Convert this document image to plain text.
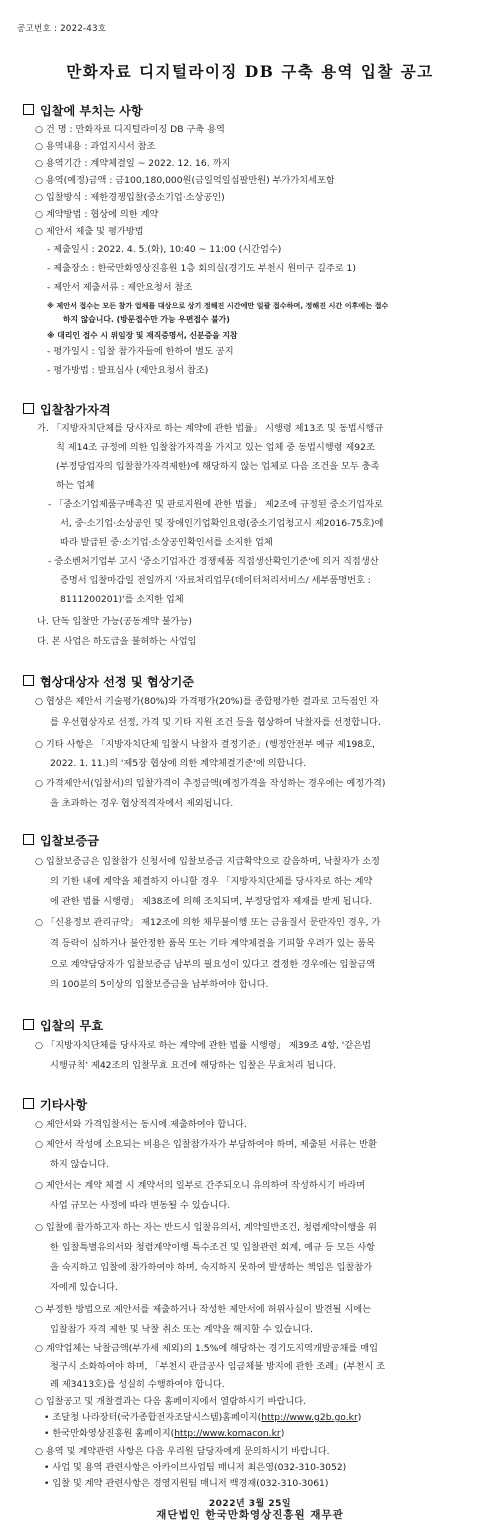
공고번호 : 2022-43호
만화자료 디지털라이징 DB 구축 용역 입찰 공고
입찰에 부치는 사항
○ 건 명 : 만화자료 디지털라이징 DB 구축 용역
○ 용역내용 : 과업지시서 참조
○ 용역기간 : 계약체결일 ~ 2022. 12. 16. 까지
○ 용역(예정)금액 : 금100,180,000원(금일억일십팔만원) 부가가치세포함
○ 입찰방식 : 제한경쟁입찰(중소기업·소상공인)
○ 계약방법 : 협상에 의한 계약
○ 제안서 제출 및 평가방법
- 제출일시 : 2022. 4. 5.(화), 10:40 ~ 11:00 (시간엄수)
- 제출장소 : 한국만화영상진흥원 1층 회의실(경기도 부천시 원미구 길주로 1)
- 제안서 제출서류 : 제안요청서 참조
※ 제안서 접수는 모든 참가 업체를 대상으로 상기 정해진 시간에만 일괄 접수하며, 정해진 시간 이후에는 접수
하지 않습니다. (방문접수만 가능 우편접수 불가)
※ 대리인 접수 시 위임장 및 재직증명서, 신분증을 지참
- 평가일시 : 입찰 참가자들에 한하여 별도 공지
- 평가방법 : 발표심사 (제안요청서 참조)
입찰참가자격
가. 「지방자치단체를 당사자로 하는 계약에 관한 법률」 시행령 제13조 및 동법시행규
칙 제14조 규정에 의한 입찰참가자격을 가지고 있는 업체 중 동법시행령 제92조
(부정당업자의 입찰참가자격제한)에 해당하지 않는 업체로 다음 조건을 모두 충족
하는 업체
- 「중소기업제품구매촉진 및 판로지원에 관한 법률」 제2조에 규정된 중소기업자로
서, 중·소기업·소상공인 및 장애인기업확인요령(중소기업청고시 제2016-75호)에
따라 발급된 중·소기업·소상공인확인서를 소지한 업체
- 중소벤처기업부 고시 '중소기업자간 경쟁제품 직접생산확인기준'에 의거 직접생산
증명서 입찰마감일 전일까지 '자료처리업무(데이터처리서비스/ 세부품명번호 :
8111200201)'를 소지한 업체
나. 단독 입찰만 가능(공동계약 불가능)
다. 본 사업은 하도급을 불허하는 사업임
협상대상자 선정 및 협상기준
○ 협상은 제안서 기술평가(80%)와 가격평가(20%)를 종합평가한 결과로 고득점인 자
를 우선협상자로 선정, 가격 및 기타 지원 조건 등을 협상하여 낙찰자를 선정합니다.
○ 기타 사항은 「지방자치단체 입찰시 낙찰자 결정기준」(행정안전부 예규 제198호,
2022. 1. 11.)의 '제5장 협상에 의한 계약체결기준'에 의합니다.
○ 가격제안서(입찰서)의 입찰가격이 추정금액(예정가격을 작성하는 경우에는 예정가격)
을 초과하는 경우 협상적격자에서 제외됩니다.
입찰보증금
○ 입찰보증금은 입찰참가 신청서에 입찰보증금 지급확약으로 갈음하며, 낙찰자가 소정
의 기한 내에 계약을 체결하지 아니할 경우 「지방자치단체를 당사자로 하는 계약
에 관한 법률 시행령」 제38조에 의해 조치되며, 부정당업자 제재를 받게 됩니다.
○ 「신용정보 관리규약」 제12조에 의한 채무불이행 또는 금융질서 문란자인 경우, 가
격 등락이 심하거나 불안정한 품목 또는 기타 계약체결을 기피할 우려가 있는 품목
으로 계약담당자가 입찰보증금 납부의 필요성이 있다고 결정한 경우에는 입찰금액
의 100분의 5이상의 입찰보증금을 납부하여야 합니다.
입찰의 무효
○ 「지방자치단체를 당사자로 하는 계약에 관한 법률 시행령」 제39조 4항, '같은법
시행규칙' 제42조의 입찰무효 요건에 해당하는 입찰은 무효처리 됩니다.
기타사항
○ 제안서와 가격입찰서는 동시에 제출하여야 합니다.
○ 제안서 작성에 소요되는 비용은 입찰참가자가 부담하여야 하며, 제출된 서류는 반환
하지 않습니다.
○ 제안서는 계약 체결 시 계약서의 일부로 간주되오니 유의하여 작성하시기 바라며
사업 규모는 사정에 따라 변동될 수 있습니다.
○ 입찰에 참가하고자 하는 자는 반드시 입찰유의서, 계약일반조건, 청렴계약이행을 위
한 입찰특별유의서와 청렴계약이행 특수조건 및 입찰관련 회계, 예규 등 모든 사항
을 숙지하고 입찰에 참가하여야 하며, 숙지하지 못하여 발생하는 책임은 입찰참가
자에게 있습니다.
○ 부정한 방법으로 제안서를 제출하거나 작성한 제안서에 허위사실이 발견될 시에는
입찰참가 자격 제한 및 낙찰 취소 또는 계약을 해지할 수 있습니다.
○ 계약업체는 낙찰금액(부가세 제외)의 1.5%에 해당하는 경기도지역개발공채를 매입
청구시 소화하여야 하며, 「부천시 관급공사 임금체불 방지에 관한 조례」(부천시 조
례 제3413호)를 성실히 수행하여야 합니다.
○ 입찰공고 및 개찰결과는 다음 홈페이지에서 열람하시기 바랍니다.
• 조달청 나라장터(국가종합전자조달시스템)홈페이지(http://www.g2b.go.kr)
• 한국만화영상진흥원 홈페이지(http://www.komacon.kr)
○ 용역 및 계약관련 사항은 다음 우리원 담당자에게 문의하시기 바랍니다.
• 사업 및 용역 관련사항은 아카이브사업팀 매니저 최은영(032-310-3052)
• 입찰 및 계약 관련사항은 경영지원팀 매니저 백경재(032-310-3061)
2022년 3월 25일
재단법인 한국만화영상진흥원 재무관
